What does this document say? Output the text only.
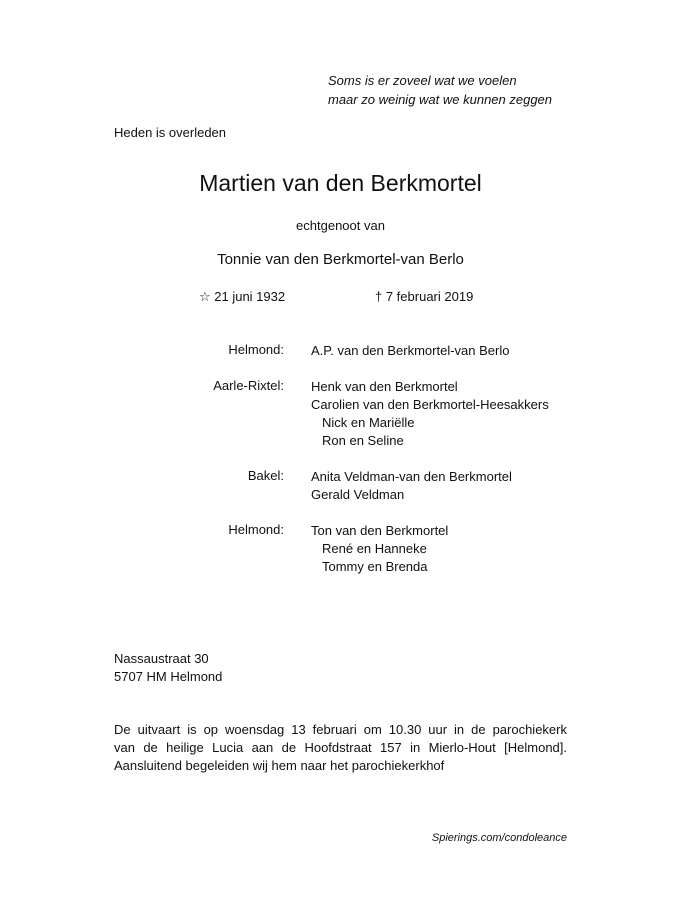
Soms is er zoveel wat we voelen
maar zo weinig wat we kunnen zeggen
Heden is overleden
Martien van den Berkmortel
echtgenoot van
Tonnie van den Berkmortel-van Berlo
☆ 21 juni 1932	† 7 februari 2019
Helmond: A.P. van den Berkmortel-van Berlo
Aarle-Rixtel: Henk van den Berkmortel
Carolien van den Berkmortel-Heesakkers
Nick en Mariëlle
Ron en Seline
Bakel: Anita Veldman-van den Berkmortel
Gerald Veldman
Helmond: Ton van den Berkmortel
René en Hanneke
Tommy en Brenda
Nassaustraat 30
5707 HM Helmond
De uitvaart is op woensdag 13 februari om 10.30 uur in de parochiekerk
van de heilige Lucia aan de Hoofdstraat 157 in Mierlo-Hout [Helmond].
Aansluitend begeleiden wij hem naar het parochiekerkhof
Spierings.com/condoleance
